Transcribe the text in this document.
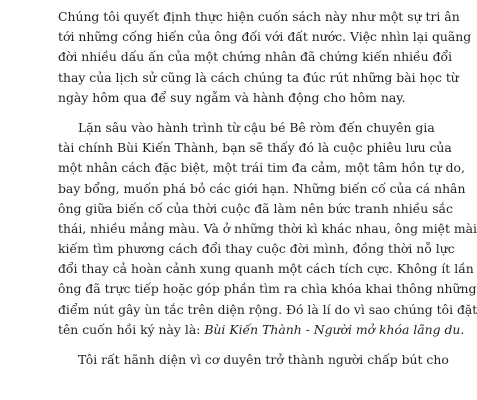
Chúng tôi quyết định thực hiện cuốn sách này như một sự tri ân
tới những cống hiến của ông đối với đất nước. Việc nhìn lại quãng
đời nhiều dấu ấn của một chứng nhân đã chứng kiến nhiều đổi
thay của lịch sử cũng là cách chúng ta đúc rút những bài học từ
ngày hôm qua để suy ngẫm và hành động cho hôm nay.
Lặn sâu vào hành trình từ cậu bé Bê ròm đến chuyên gia
tài chính Bùi Kiến Thành, bạn sẽ thấy đó là cuộc phiêu lưu của
một nhân cách đặc biệt, một trái tim đa cảm, một tâm hồn tự do,
bay bổng, muốn phá bỏ các giới hạn. Những biến cố của cá nhân
ông giữa biến cố của thời cuộc đã làm nên bức tranh nhiều sắc
thái, nhiều mảng màu. Và ở những thời kì khác nhau, ông miệt mài
kiếm tìm phương cách đổi thay cuộc đời mình, đồng thời nỗ lực
đổi thay cả hoàn cảnh xung quanh một cách tích cực. Không ít lần
ông đã trực tiếp hoặc góp phần tìm ra chìa khóa khai thông những
điểm nút gây ùn tắc trên diện rộng. Đó là lí do vì sao chúng tôi đặt
tên cuốn hồi ký này là: Bùi Kiến Thành - Người mở khóa lãng du.
Tôi rất hãnh diện vì cơ duyên trở thành người chấp bút cho
